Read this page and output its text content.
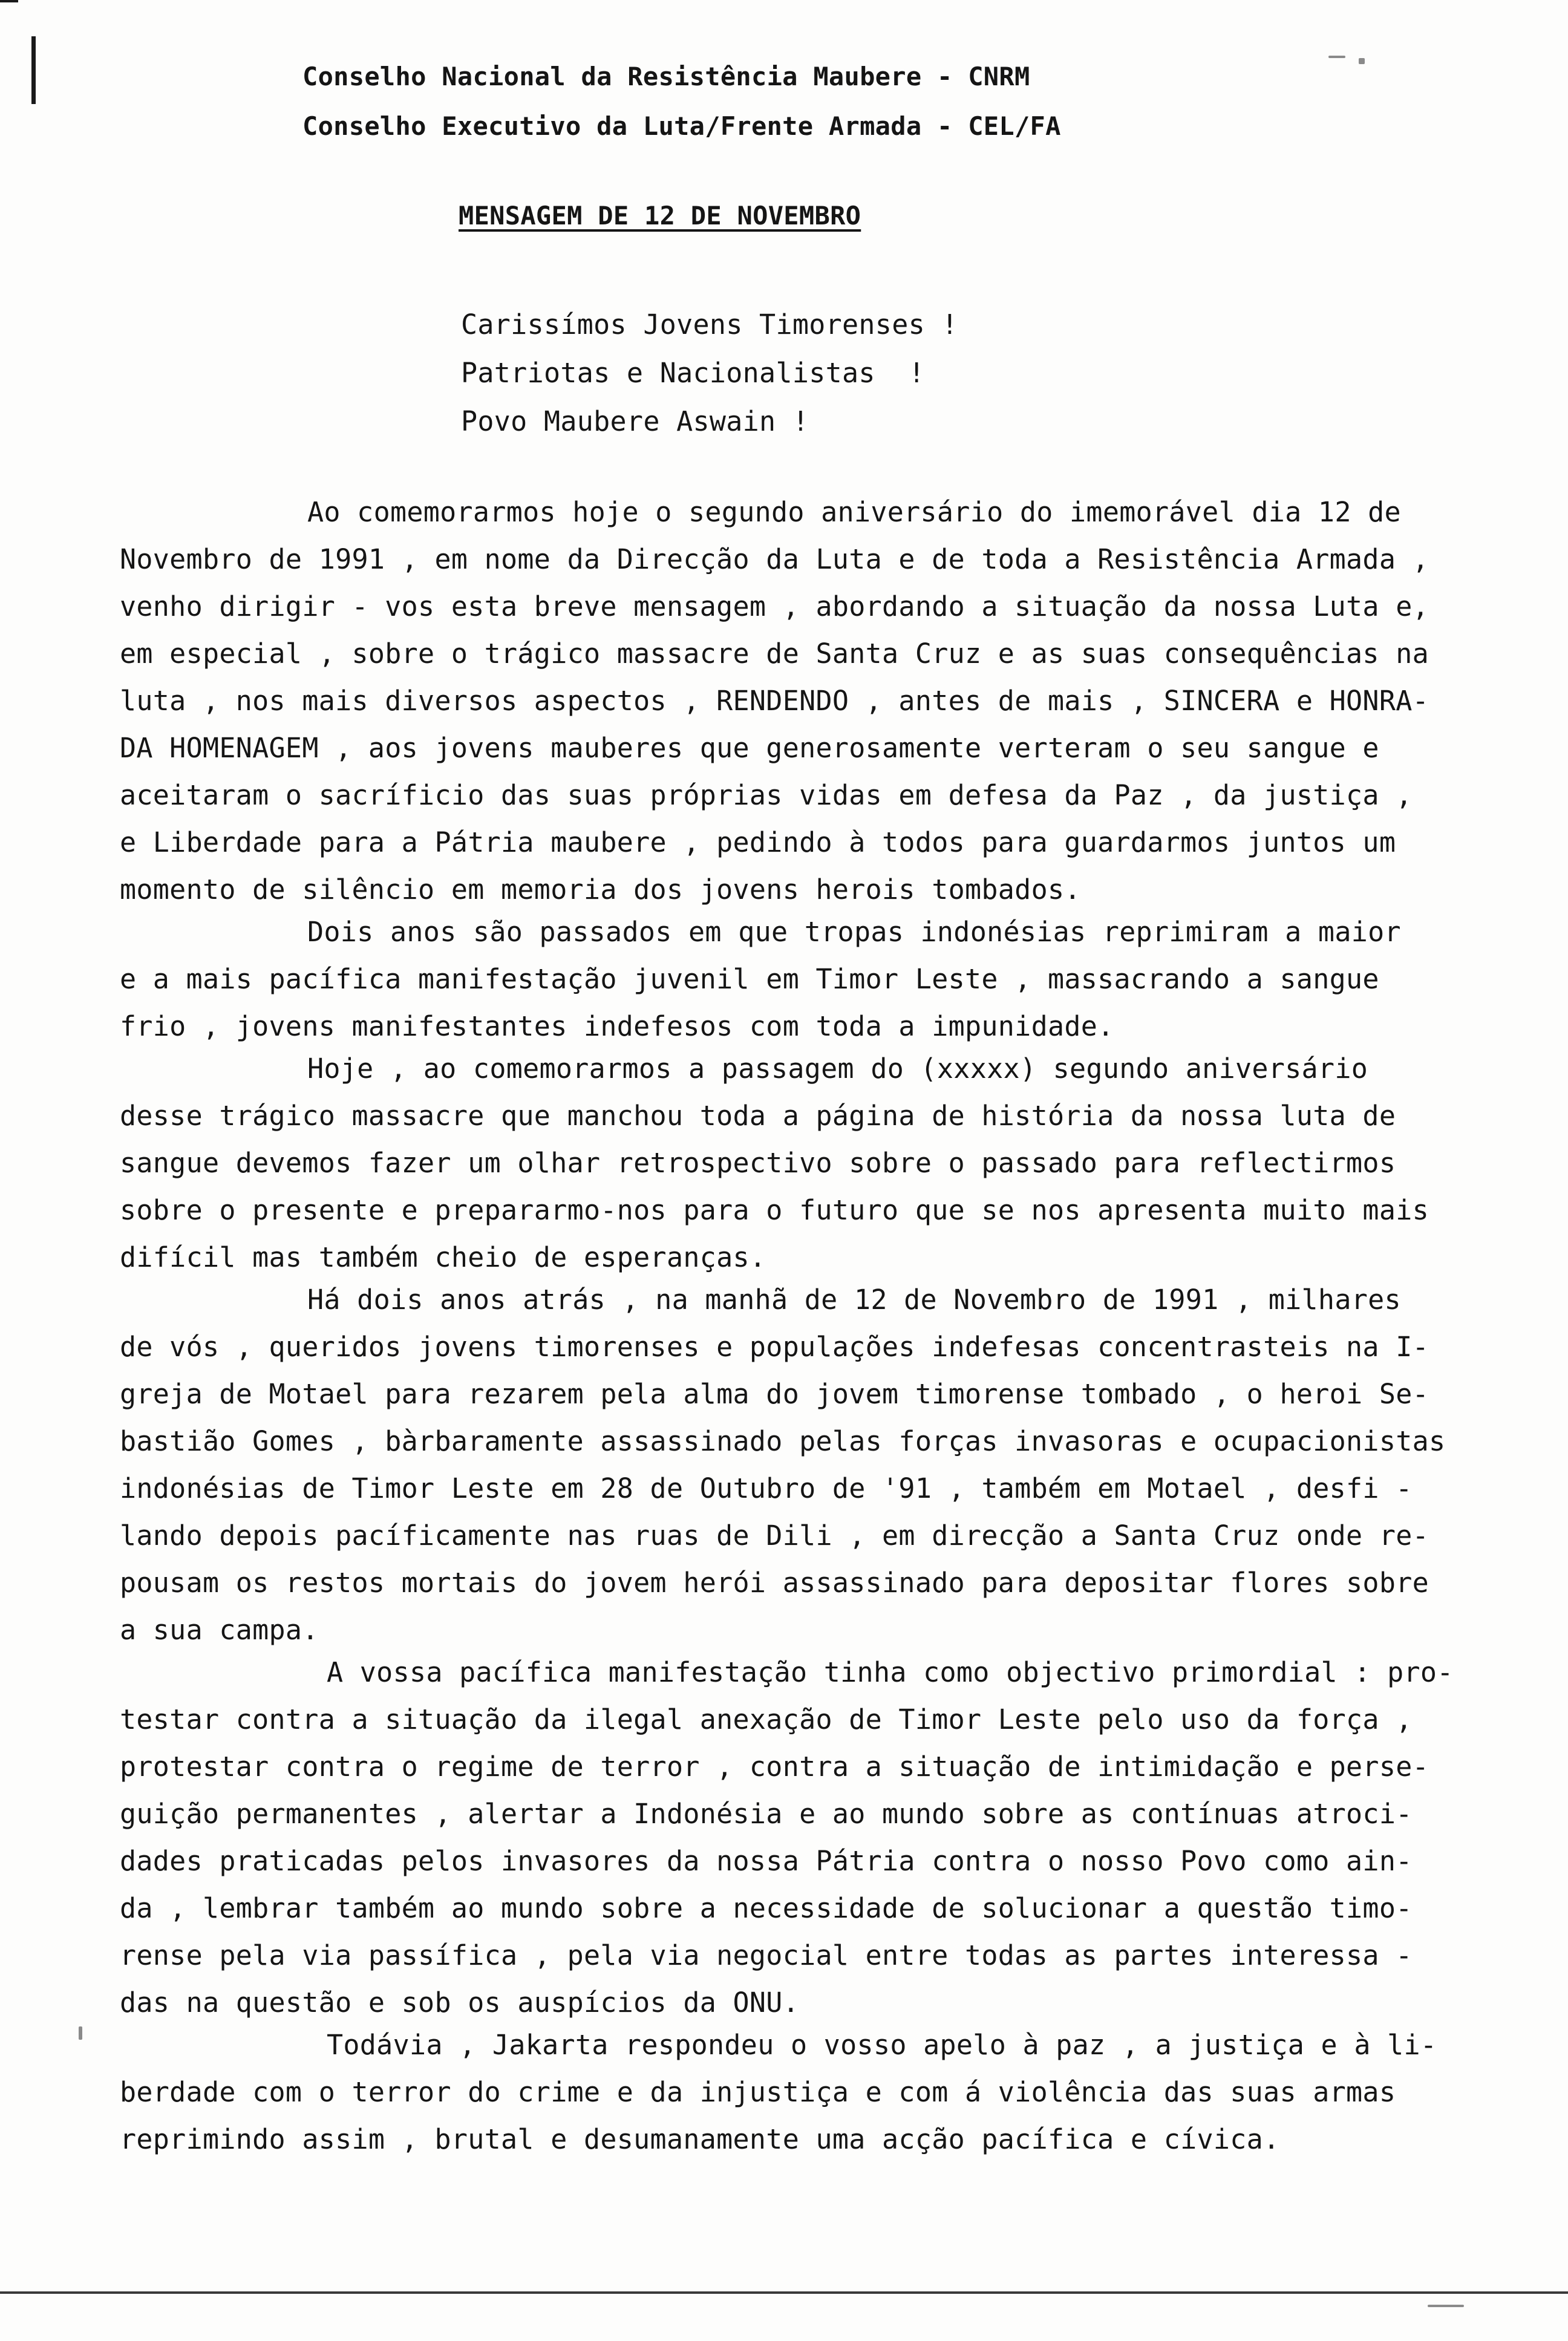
Conselho Nacional da Resistência Maubere - CNRM
Conselho Executivo da Luta/Frente Armada - CEL/FA
MENSAGEM DE 12 DE NOVEMBRO
Carissímos Jovens Timorenses !
Patriotas e Nacionalistas  !
Povo Maubere Aswain !
Ao comemorarmos hoje o segundo aniversário do imemorável dia 12 de
Novembro de 1991 , em nome da Direcção da Luta e de toda a Resistência Armada ,
venho dirigir - vos esta breve mensagem , abordando a situação da nossa Luta e,
em especial , sobre o trágico massacre de Santa Cruz e as suas consequências na
luta , nos mais diversos aspectos , RENDENDO , antes de mais , SINCERA e HONRA-
DA HOMENAGEM , aos jovens mauberes que generosamente verteram o seu sangue e
aceitaram o sacríficio das suas próprias vidas em defesa da Paz , da justiça ,
e Liberdade para a Pátria maubere , pedindo à todos para guardarmos juntos um
momento de silêncio em memoria dos jovens herois tombados.
Dois anos são passados em que tropas indonésias reprimiram a maior
e a mais pacífica manifestação juvenil em Timor Leste , massacrando a sangue
frio , jovens manifestantes indefesos com toda a impunidade.
Hoje , ao comemorarmos a passagem do (xxxxx) segundo aniversário
desse trágico massacre que manchou toda a página de história da nossa luta de
sangue devemos fazer um olhar retrospectivo sobre o passado para reflectirmos
sobre o presente e prepararmo-nos para o futuro que se nos apresenta muito mais
difícil mas também cheio de esperanças.
Há dois anos atrás , na manhã de 12 de Novembro de 1991 , milhares
de vós , queridos jovens timorenses e populações indefesas concentrasteis na I-
greja de Motael para rezarem pela alma do jovem timorense tombado , o heroi Se-
bastião Gomes , bàrbaramente assassinado pelas forças invasoras e ocupacionistas
indonésias de Timor Leste em 28 de Outubro de '91 , também em Motael , desfi -
lando depois pacíficamente nas ruas de Dili , em direcção a Santa Cruz onde re-
pousam os restos mortais do jovem herói assassinado para depositar flores sobre
a sua campa.
A vossa pacífica manifestação tinha como objectivo primordial : pro-
testar contra a situação da ilegal anexação de Timor Leste pelo uso da força ,
protestar contra o regime de terror , contra a situação de intimidação e perse-
guição permanentes , alertar a Indonésia e ao mundo sobre as contínuas atroci-
dades praticadas pelos invasores da nossa Pátria contra o nosso Povo como ain-
da , lembrar também ao mundo sobre a necessidade de solucionar a questão timo-
rense pela via passífica , pela via negocial entre todas as partes interessa -
das na questão e sob os auspícios da ONU.
Todávia , Jakarta respondeu o vosso apelo à paz , a justiça e à li-
berdade com o terror do crime e da injustiça e com á violência das suas armas
reprimindo assim , brutal e desumanamente uma acção pacífica e cívica.
